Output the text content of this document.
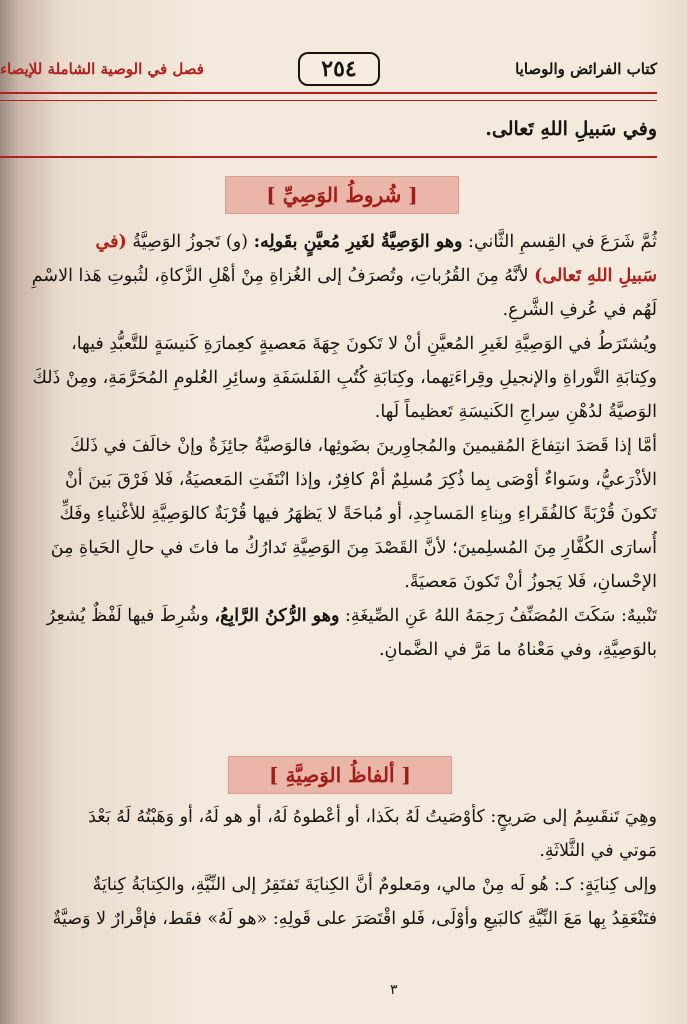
كتاب الفرائض والوصايا
٢٥٤
فصل في الوصية الشاملة للإيصاء
وفي سَبيلِ اللهِ تَعالى.
[ شُروطُ الوَصِيِّ ]

ثُمَّ شَرَعَ في القِسمِ الثَّاني: وهو الوَصِيَّةُ لغَيرِ مُعيَّنٍ بقَولِه: (و) تَجوزُ الوَصِيَّةُ (في

سَبيلِ اللهِ تَعالى) لأنَّهُ مِنَ القُرُباتِ، وتُصرَفُ إلى الغُزاةِ مِنْ أهْلِ الزَّكاةِ، لثُبوتِ هَذا الاسْمِ

لَهُم في عُرفِ الشَّرعِ.

ويُشتَرَطُ في الوَصِيَّةِ لغَيرِ المُعيَّنِ أنْ لا تَكونَ جِهَةَ مَعصيةٍ كعِمارَةِ كَنيسَةٍ للتَّعبُّدِ فيها،

وكِتابَةِ التَّوراةِ والإنجيلِ وقِراءَتِهما، وكِتابَةِ كُتُبِ الفَلسَفَةِ وسائِرِ العُلومِ المُحَرَّمَةِ، ومِنْ ذَلكَ

الوَصيَّةُ لدُهْنِ سِراجِ الكَنيسَةِ تَعظيماً لَها.

أمَّا إذا قَصَدَ انتِفاعَ المُقيمينَ والمُجاوِرينَ بضَوئِها، فالوَصيَّةُ جائِزَةٌ وإنْ خالَفَ في ذَلكَ

الأذْرَعيُّ، وسَواءٌ أوْصَى بِما ذُكِرَ مُسلِمٌ أمْ كافِرٌ، وإذا انْتَفَتِ المَعصيَةُ، فَلا فَرْقَ بَينَ أنْ

تَكونَ قُرْبَةً كالفُقَراءِ وبِناءِ المَساجِدِ، أو مُباحَةً لا يَظهَرُ فيها قُرْبَةٌ كالوَصِيَّةِ للأغْنياءِ وفَكِّ

أُسارَى الكُفَّارِ مِنَ المُسلِمينَ؛ لأنَّ القَصْدَ مِنَ الوَصِيَّةِ تَدارُكُ ما فاتَ في حالِ الحَياةِ مِنَ

الإحْسانِ، فَلا يَجوزُ أنْ تَكونَ مَعصيَةً.

تَنْبيهٌ: سَكَتَ المُصَنِّفُ رَحِمَهُ اللهُ عَنِ الصِّيغَةِ: وهو الرُّكنُ الرَّابِعُ، وشُرِطَ فيها لَفْظٌ يُشعِرُ

بالوَصِيَّةِ، وفي مَعْناهُ ما مَرَّ في الضَّمانِ.

[ ألفاظُ الوَصِيَّةِ ]

وهِيَ تَنقَسِمُ إلى صَريحٍ: كأوْصَيتُ لَهُ بكَذا، أو أعْطوهُ لَهُ، أو هو لَهُ، أو وَهَبْتُهُ لَهُ بَعْدَ

مَوتي في الثَّلاثَةِ.

وإلى كِنايَةٍ: كـ: هُو لَه مِنْ مالي، ومَعلومٌ أنَّ الكِنايَةَ تَفتَقِرُ إلى النِّيَّةِ، والكِتابَةُ كِنايَةٌ

فتَنْعَقِدُ بِها مَعَ النِّيَّةِ كالبَيعِ وأوْلَى، فَلو اقْتَصَرَ على قَولِهِ: «هو لَهُ» فقَط، فإقْرارٌ لا وَصيَّةٌ

٣
